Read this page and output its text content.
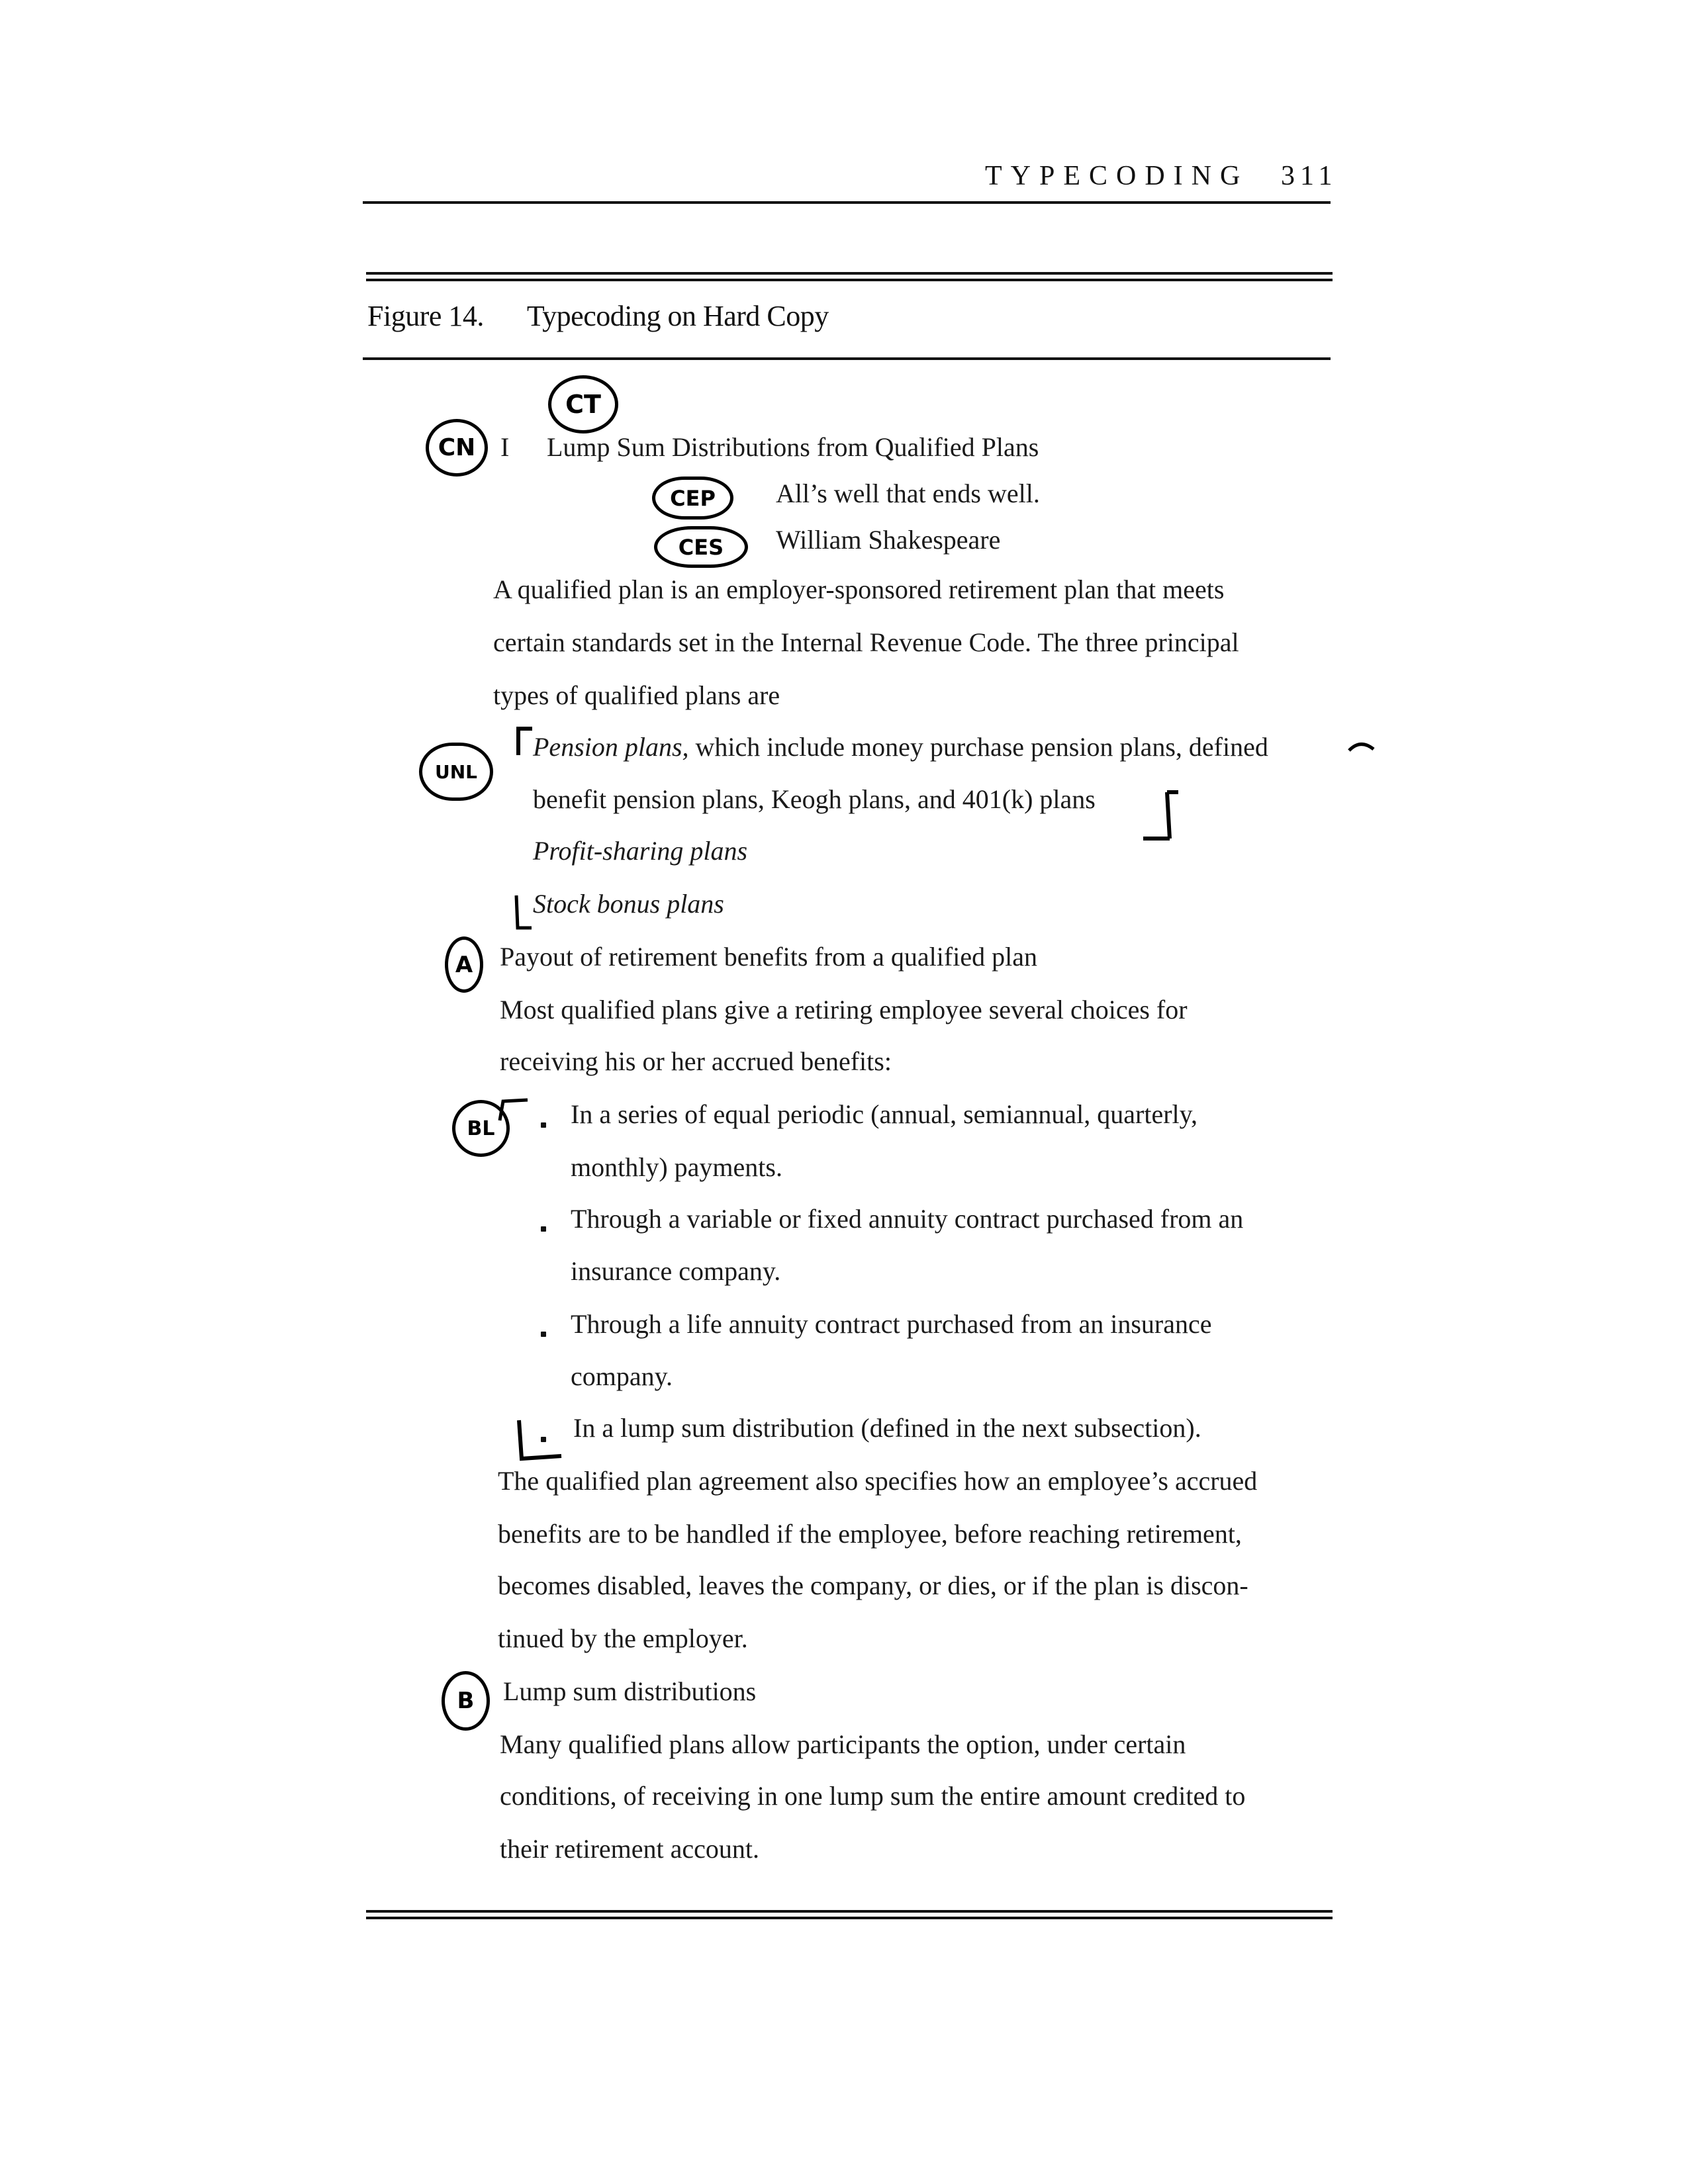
TYPECODING 311
Figure 14.  Typecoding on Hard Copy
CT
CN I Lump Sum Distributions from Qualified Plans
CEP	All’s well that ends well.
CES	William Shakespeare
A qualified plan is an employer-sponsored retirement plan that meets
certain standards set in the Internal Revenue Code. The three principal
types of qualified plans are
UNL
Pension plans, which include money purchase pension plans, defined
benefit pension plans, Keogh plans, and 401(k) plans
Profit-sharing plans
Stock bonus plans
A	Payout of retirement benefits from a qualified plan
Most qualified plans give a retiring employee several choices for
receiving his or her accrued benefits:
BL	In a series of equal periodic (annual, semiannual, quarterly,
monthly) payments.
Through a variable or fixed annuity contract purchased from an
insurance company.
Through a life annuity contract purchased from an insurance
company.
In a lump sum distribution (defined in the next subsection).
The qualified plan agreement also specifies how an employee’s accrued
benefits are to be handled if the employee, before reaching retirement,
becomes disabled, leaves the company, or dies, or if the plan is discon-
tinued by the employer.
B	Lump sum distributions
Many qualified plans allow participants the option, under certain
conditions, of receiving in one lump sum the entire amount credited to
their retirement account.
